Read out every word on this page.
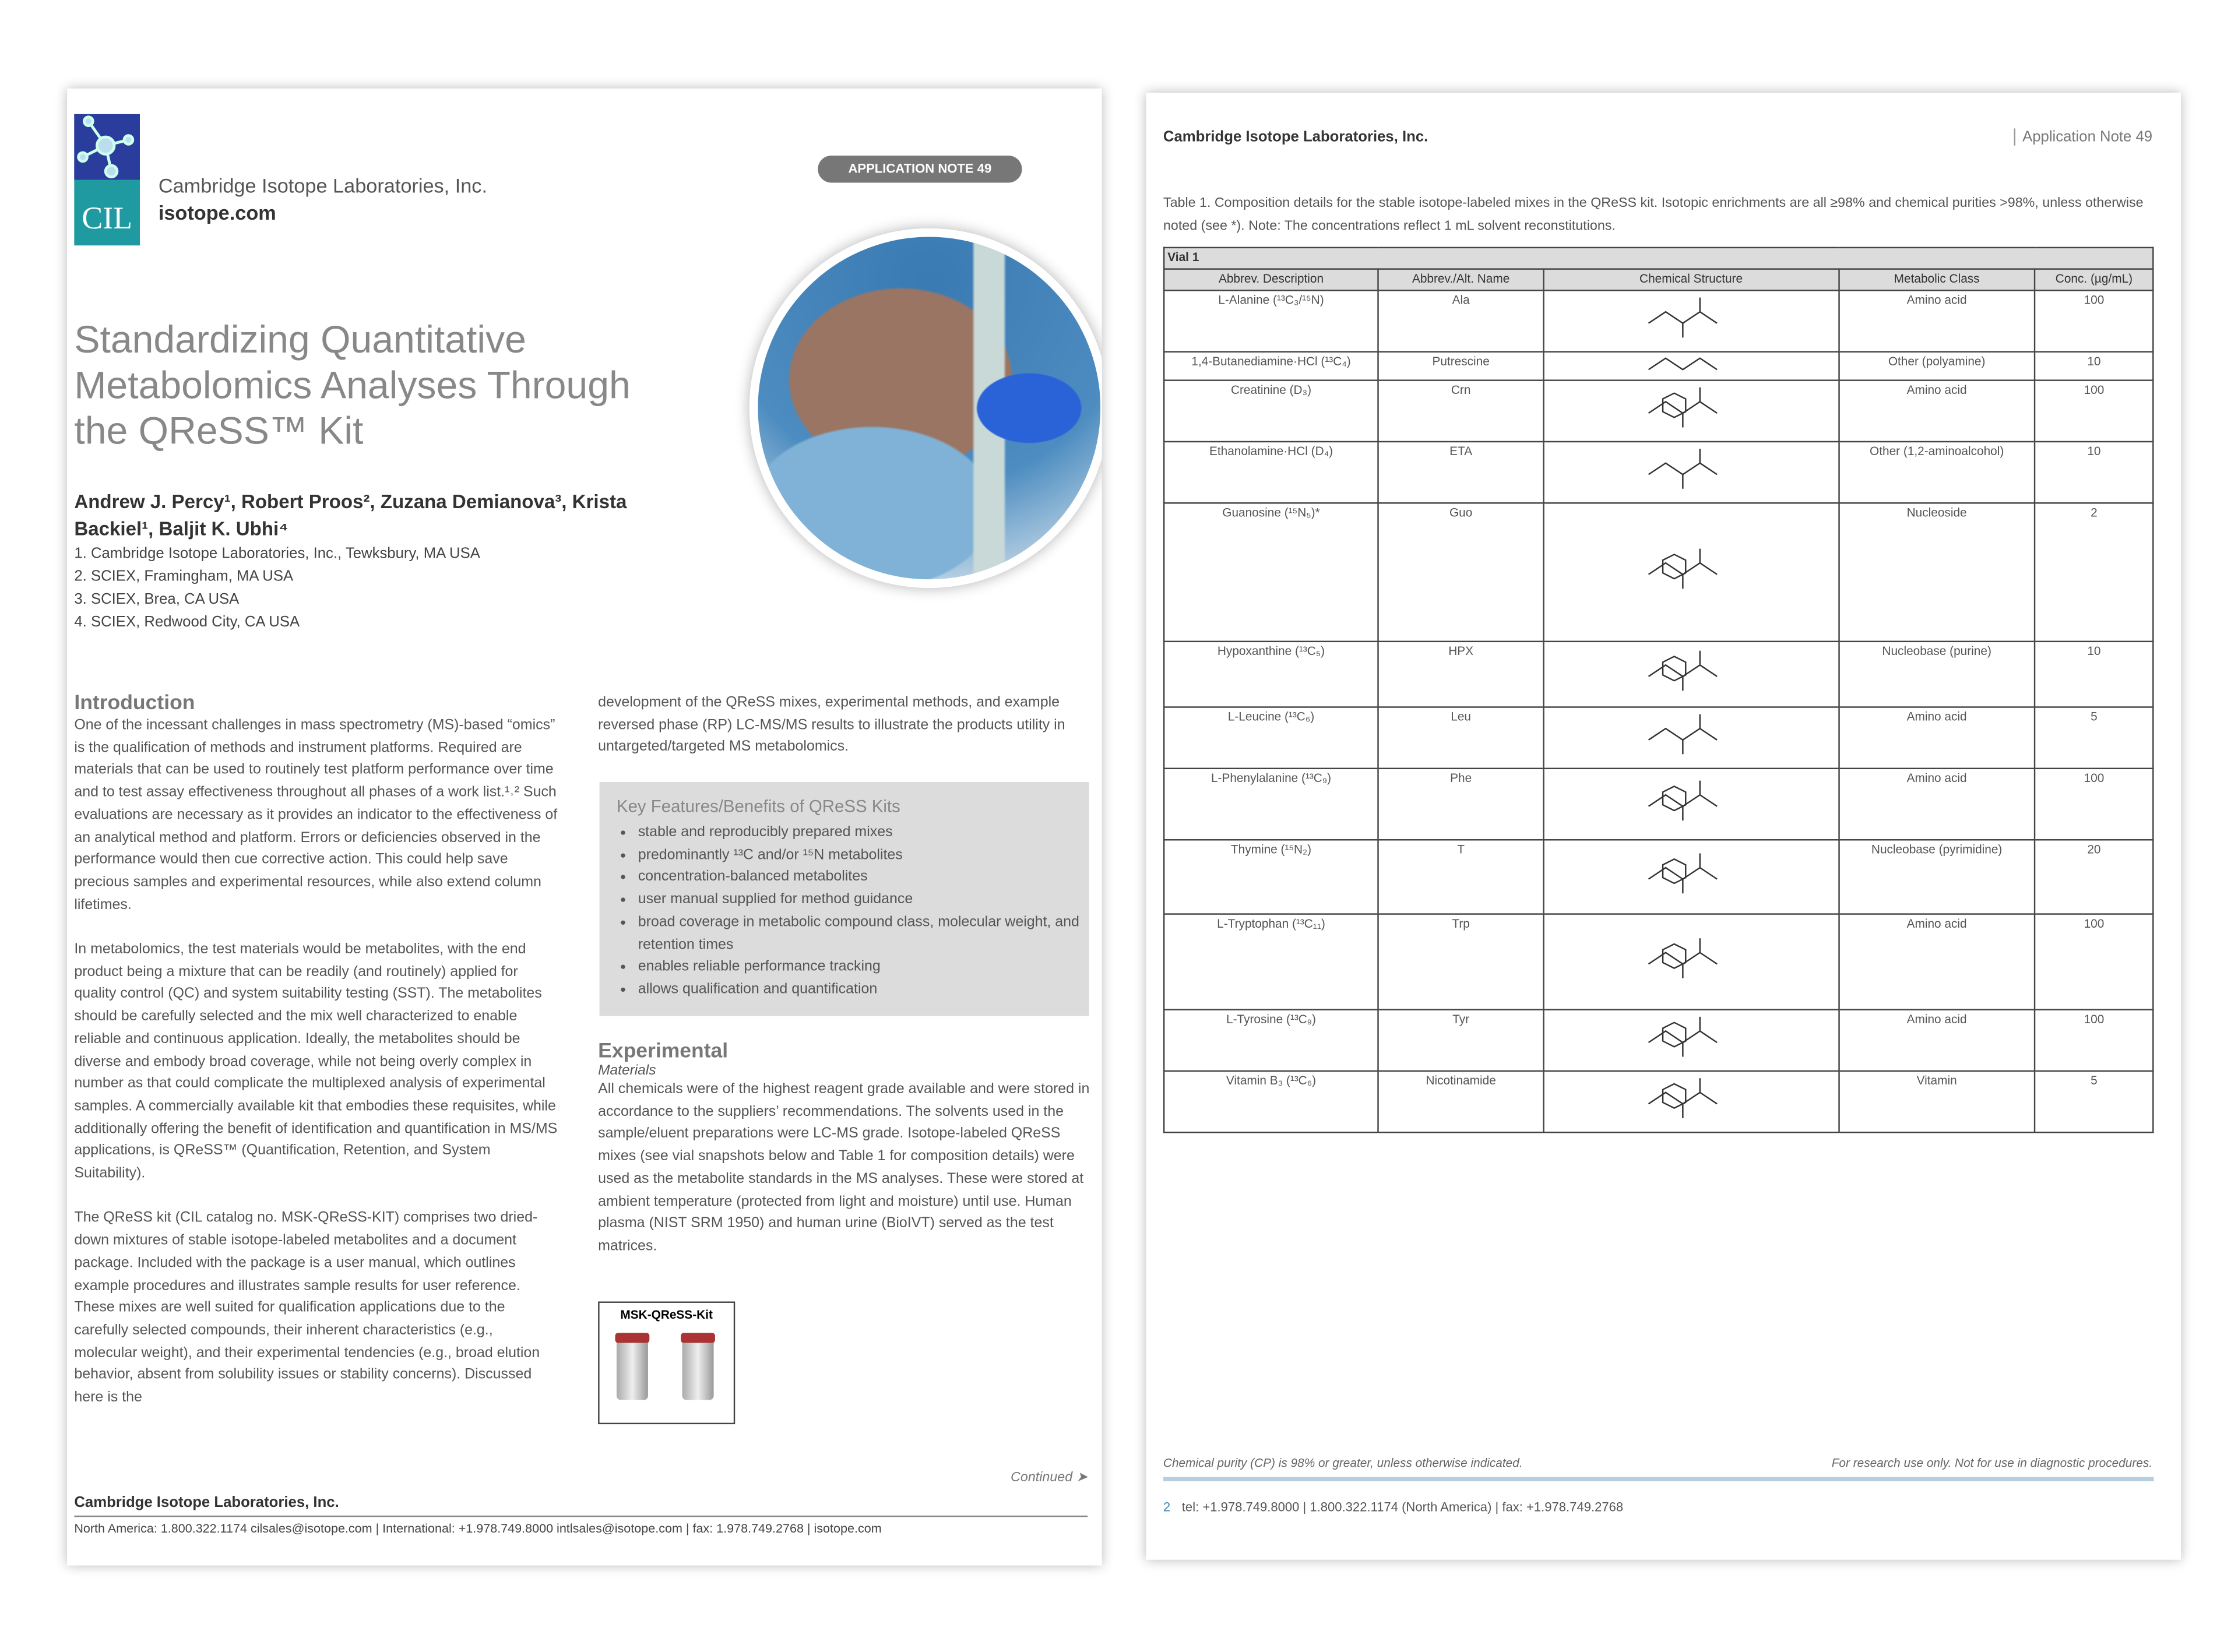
CIL
Cambridge Isotope Laboratories, Inc.
isotope.com
APPLICATION NOTE 49
Standardizing Quantitative Metabolomics Analyses Through the QReSS™ Kit
Andrew J. Percy¹, Robert Proos², Zuzana Demianova³, Krista Backiel¹, Baljit K. Ubhi⁴
1. Cambridge Isotope Laboratories, Inc., Tewksbury, MA USA
2. SCIEX, Framingham, MA USA
3. SCIEX, Brea, CA USA
4. SCIEX, Redwood City, CA USA
Introduction

One of the incessant challenges in mass spectrometry (MS)-based “omics” is the qualification of methods and instrument platforms. Required are materials that can be used to routinely test platform performance over time and to test assay effectiveness throughout all phases of a work list.¹˒² Such evaluations are necessary as it provides an indicator to the effectiveness of an analytical method and platform. Errors or deficiencies observed in the performance would then cue corrective action. This could help save precious samples and experimental resources, while also extend column lifetimes.

In metabolomics, the test materials would be metabolites, with the end product being a mixture that can be readily (and routinely) applied for quality control (QC) and system suitability testing (SST). The metabolites should be carefully selected and the mix well characterized to enable reliable and continuous application. Ideally, the metabolites should be diverse and embody broad coverage, while not being overly complex in number as that could complicate the multiplexed analysis of experimental samples. A commercially available kit that embodies these requisites, while additionally offering the benefit of identification and quantification in MS/MS applications, is QReSS™ (Quantification, Retention, and System Suitability).

The QReSS kit (CIL catalog no. MSK-QReSS-KIT) comprises two dried-down mixtures of stable isotope-labeled metabolites and a document package. Included with the package is a user manual, which outlines example procedures and illustrates sample results for user reference. These mixes are well suited for qualification applications due to the carefully selected compounds, their inherent characteristics (e.g., molecular weight), and their experimental tendencies (e.g., broad elution behavior, absent from solubility issues or stability concerns). Discussed here is the

development of the QReSS mixes, experimental methods, and example reversed phase (RP) LC-MS/MS results to illustrate the products utility in untargeted/targeted MS metabolomics.
Key Features/Benefits of QReSS Kits
• stable and reproducibly prepared mixes
• predominantly ¹³C and/or ¹⁵N metabolites
• concentration-balanced metabolites
• user manual supplied for method guidance
• broad coverage in metabolic compound class, molecular weight, and retention times
• enables reliable performance tracking
• allows qualification and quantification
Experimental
Materials
All chemicals were of the highest reagent grade available and were stored in accordance to the suppliers’ recommendations. The solvents used in the sample/eluent preparations were LC-MS grade. Isotope-labeled QReSS mixes (see vial snapshots below and Table 1 for composition details) were used as the metabolite standards in the MS analyses. These were stored at ambient temperature (protected from light and moisture) until use. Human plasma (NIST SRM 1950) and human urine (BioIVT) served as the test matrices.
MSK-QReSS-Kit
Continued ➤
Cambridge Isotope Laboratories, Inc.
North America: 1.800.322.1174 cilsales@isotope.com | International: +1.978.749.8000 intlsales@isotope.com | fax: 1.978.749.2768 | isotope.com
Cambridge Isotope Laboratories, Inc.	Application Note 49
Table 1. Composition details for the stable isotope-labeled mixes in the QReSS kit. Isotopic enrichments are all ≥98% and chemical purities >98%, unless otherwise noted (see *). Note: The concentrations reflect 1 mL solvent reconstitutions.
Vial 1				
Abbrev. Description	Abbrev./Alt. Name	Chemical Structure	Metabolic Class	Conc. (µg/mL)
L-Alanine (¹³C₃/¹⁵N)	Ala		Amino acid	100
1,4-Butanediamine·HCl (¹³C₄)	Putrescine		Other (polyamine)	10
Creatinine (D₃)	Crn		Amino acid	100
Ethanolamine·HCl (D₄)	ETA		Other (1,2-aminoalcohol)	10
Guanosine (¹⁵N₅)*	Guo		Nucleoside	2
Hypoxanthine (¹³C₅)	HPX		Nucleobase (purine)	10
L-Leucine (¹³C₆)	Leu		Amino acid	5
L-Phenylalanine (¹³C₉)	Phe		Amino acid	100
Thymine (¹⁵N₂)	T		Nucleobase (pyrimidine)	20
L-Tryptophan (¹³C₁₁)	Trp		Amino acid	100
L-Tyrosine (¹³C₉)	Tyr		Amino acid	100
Vitamin B₃ (¹³C₆)	Nicotinamide		Vitamin	5
Chemical purity (CP) is 98% or greater, unless otherwise indicated.	For research use only. Not for use in diagnostic procedures.
2 tel: +1.978.749.8000 | 1.800.322.1174 (North America) | fax: +1.978.749.2768
